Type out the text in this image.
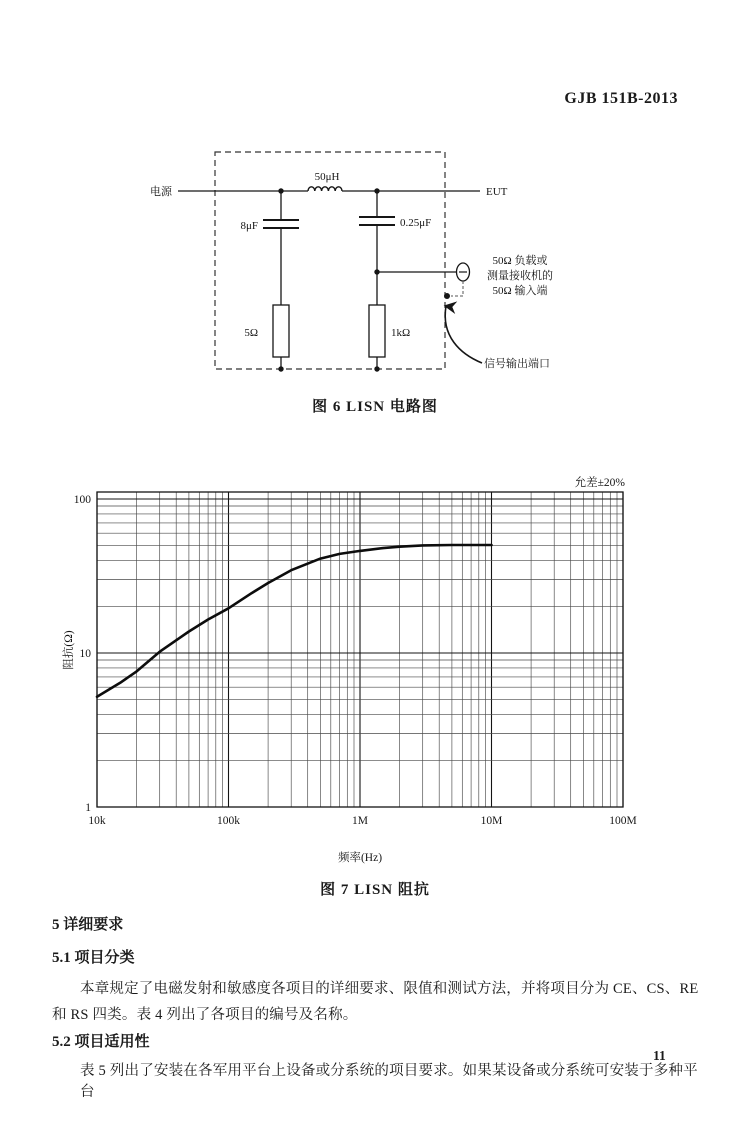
GJB 151B-2013
50μH
8μF
5Ω
0.25μF
1kΩ
电源	EUT
50Ω 负载或
测量接收机的
50Ω 输入端
信号输出端口
图 6 LISN 电路图
10k	100k	1M	10M	100M
1
10
100
允差±20%
频率(Hz)
阻抗(Ω)
图 7 LISN 阻抗
5 详细要求
5.1 项目分类
本章规定了电磁发射和敏感度各项目的详细要求、限值和测试方法，并将项目分为 CE、CS、RE
和 RS 四类。表 4 列出了各项目的编号及名称。
5.2 项目适用性
表 5 列出了安装在各军用平台上设备或分系统的项目要求。如果某设备或分系统可安装于多种平台
11
